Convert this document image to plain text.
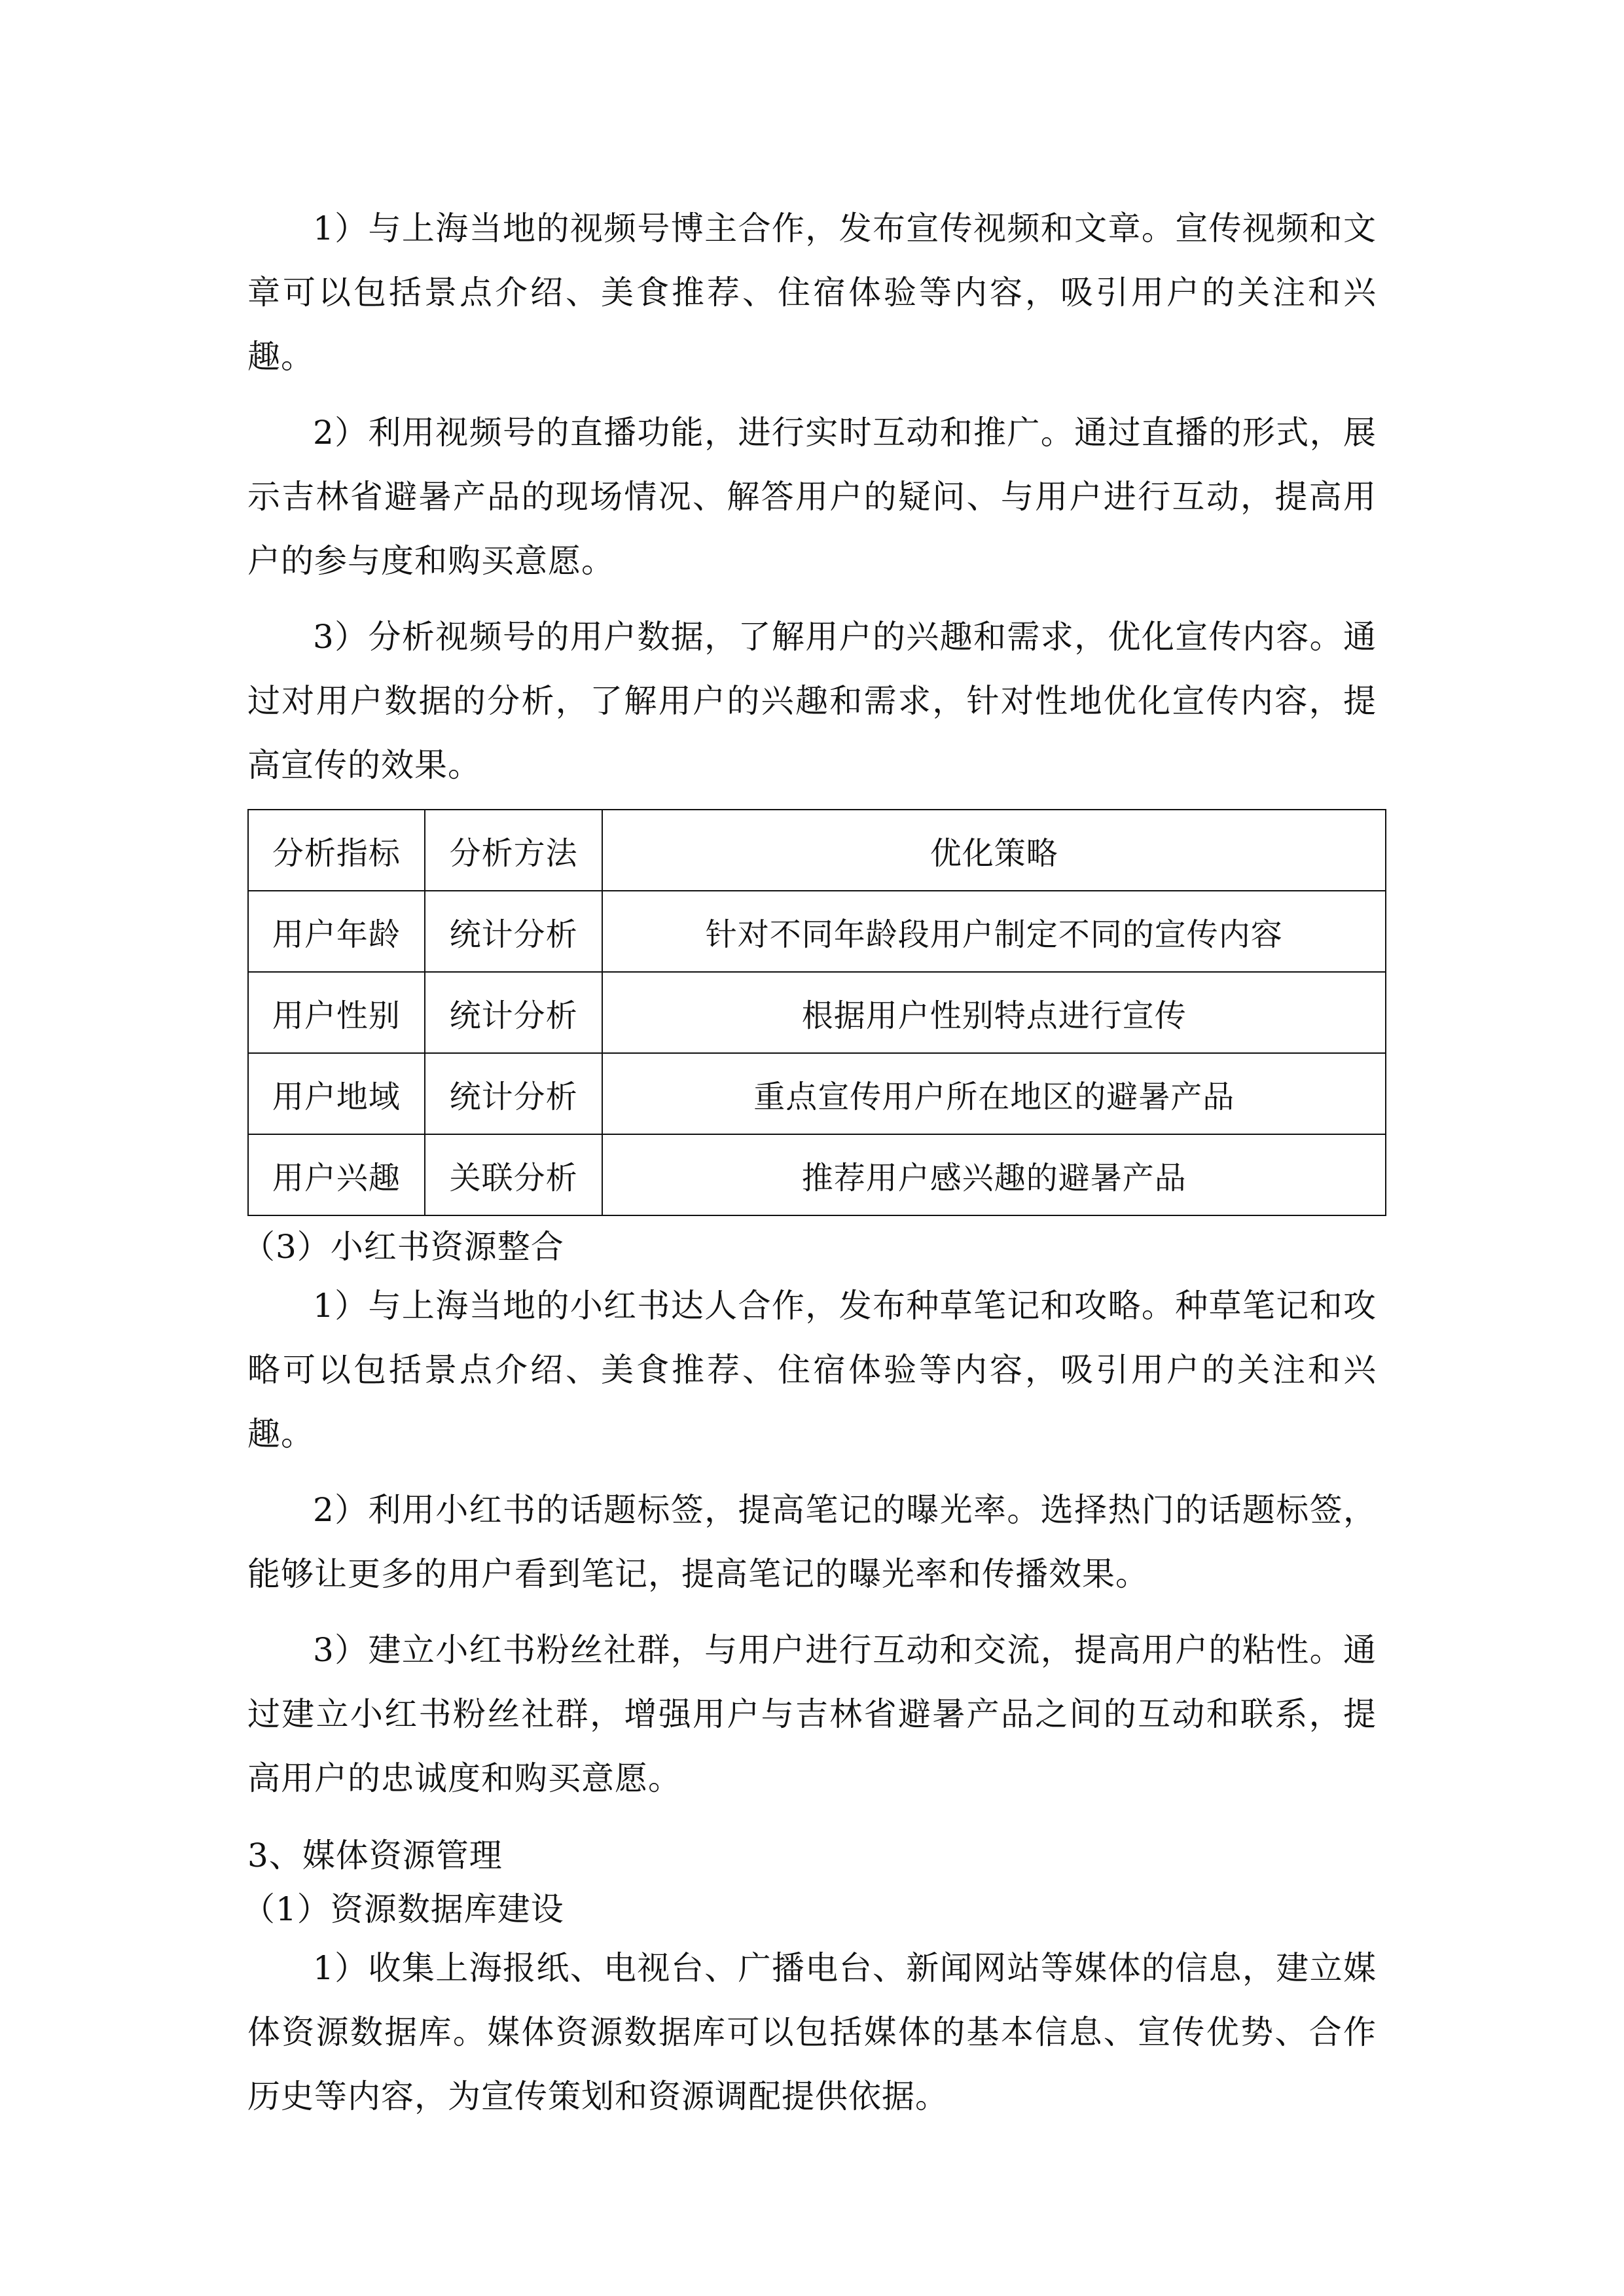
1）与上海当地的视频号博主合作，发布宣传视频和文章。宣传视频和文章可以包括景点介绍、美食推荐、住宿体验等内容，吸引用户的关注和兴趣。

2）利用视频号的直播功能，进行实时互动和推广。通过直播的形式，展示吉林省避暑产品的现场情况、解答用户的疑问、与用户进行互动，提高用户的参与度和购买意愿。

3）分析视频号的用户数据，了解用户的兴趣和需求，优化宣传内容。通过对用户数据的分析，了解用户的兴趣和需求，针对性地优化宣传内容，提高宣传的效果。

分析指标	分析方法	优化策略
用户年龄	统计分析	针对不同年龄段用户制定不同的宣传内容
用户性别	统计分析	根据用户性别特点进行宣传
用户地域	统计分析	重点宣传用户所在地区的避暑产品
用户兴趣	关联分析	推荐用户感兴趣的避暑产品

（3）小红书资源整合

1）与上海当地的小红书达人合作，发布种草笔记和攻略。种草笔记和攻略可以包括景点介绍、美食推荐、住宿体验等内容，吸引用户的关注和兴趣。

2）利用小红书的话题标签，提高笔记的曝光率。选择热门的话题标签，能够让更多的用户看到笔记，提高笔记的曝光率和传播效果。

3）建立小红书粉丝社群，与用户进行互动和交流，提高用户的粘性。通过建立小红书粉丝社群，增强用户与吉林省避暑产品之间的互动和联系，提高用户的忠诚度和购买意愿。

3、媒体资源管理

（1）资源数据库建设

1）收集上海报纸、电视台、广播电台、新闻网站等媒体的信息，建立媒体资源数据库。媒体资源数据库可以包括媒体的基本信息、宣传优势、合作历史等内容，为宣传策划和资源调配提供依据。
